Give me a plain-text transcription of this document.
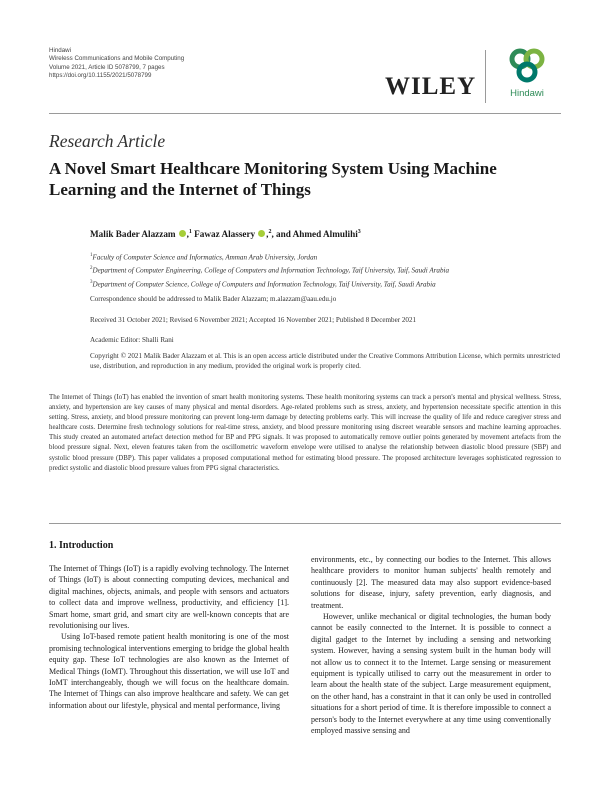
Hindawi
Wireless Communications and Mobile Computing
Volume 2021, Article ID 5078799, 7 pages
https://doi.org/10.1155/2021/5078799	WILEY	Hindawi
Research Article
A Novel Smart Healthcare Monitoring System Using Machine Learning and the Internet of Things
Malik Bader Alazzam ,$^1$ Fawaz Alassery ,$^2$, and Ahmed Almulihi$^3$
$^1$Faculty of Computer Science and Informatics, Amman Arab University, Jordan
$^2$Department of Computer Engineering, College of Computers and Information Technology, Taif University, Taif, Saudi Arabia
$^3$Department of Computer Science, College of Computers and Information Technology, Taif University, Taif, Saudi Arabia
Correspondence should be addressed to Malik Bader Alazzam; m.alazzam@aau.edu.jo
Received 31 October 2021; Revised 6 November 2021; Accepted 16 November 2021; Published 8 December 2021
Academic Editor: Shalli Rani
Copyright © 2021 Malik Bader Alazzam et al. This is an open access article distributed under the Creative Commons Attribution License, which permits unrestricted use, distribution, and reproduction in any medium, provided the original work is properly cited.
The Internet of Things (IoT) has enabled the invention of smart health monitoring systems. These health monitoring systems can track a person's mental and physical wellness. Stress, anxiety, and hypertension are key causes of many physical and mental disorders. Age-related problems such as stress, anxiety, and hypertension necessitate specific attention in this setting. Stress, anxiety, and blood pressure monitoring can prevent long-term damage by detecting problems early. This will increase the quality of life and reduce caregiver stress and healthcare costs. Determine fresh technology solutions for real-time stress, anxiety, and blood pressure monitoring using discreet wearable sensors and machine learning approaches. This study created an automated artefact detection method for BP and PPG signals. It was proposed to automatically remove outlier points generated by movement artefacts from the blood pressure signal. Next, eleven features taken from the oscillometric waveform envelope were utilised to analyse the relationship between diastolic blood pressure (SBP) and systolic blood pressure (DBP). This paper validates a proposed computational method for estimating blood pressure. The proposed architecture leverages sophisticated regression to predict systolic and diastolic blood pressure values from PPG signal characteristics.
1. Introduction

The Internet of Things (IoT) is a rapidly evolving technology. The Internet of Things (IoT) is about connecting computing devices, mechanical and digital machines, objects, animals, and people with sensors and actuators to collect data and improve wellness, productivity, and efficiency [1]. Smart home, smart grid, and smart city are well-known concepts that are revolutionising our lives.

Using IoT-based remote patient health monitoring is one of the most promising technological interventions emerging to bridge the global health equity gap. These IoT technologies are also known as the Internet of Medical Things (IoMT). Throughout this dissertation, we will use IoT and IoMT interchangeably, though we will focus on the healthcare domain. The Internet of Things can also improve healthcare and safety. We can get information about our lifestyle, physical and mental performance, living

environments, etc., by connecting our bodies to the Internet. This allows healthcare providers to monitor human subjects' health remotely and continuously [2]. The measured data may also support evidence-based solutions for disease, injury, safety prevention, early diagnosis, and treatment.

However, unlike mechanical or digital technologies, the human body cannot be easily connected to the Internet. It is possible to connect a digital gadget to the Internet by including a sensing and networking system. However, having a sensing system built in the human body will not allow us to connect it to the Internet. Large sensing or measurement equipment is typically utilised to carry out the measurement in order to learn about the health state of the subject. Large measurement equipment, on the other hand, has a constraint in that it can only be used in controlled situations for a short period of time. It is therefore impossible to connect a person's body to the Internet everywhere at any time using conventionally employed massive sensing and
